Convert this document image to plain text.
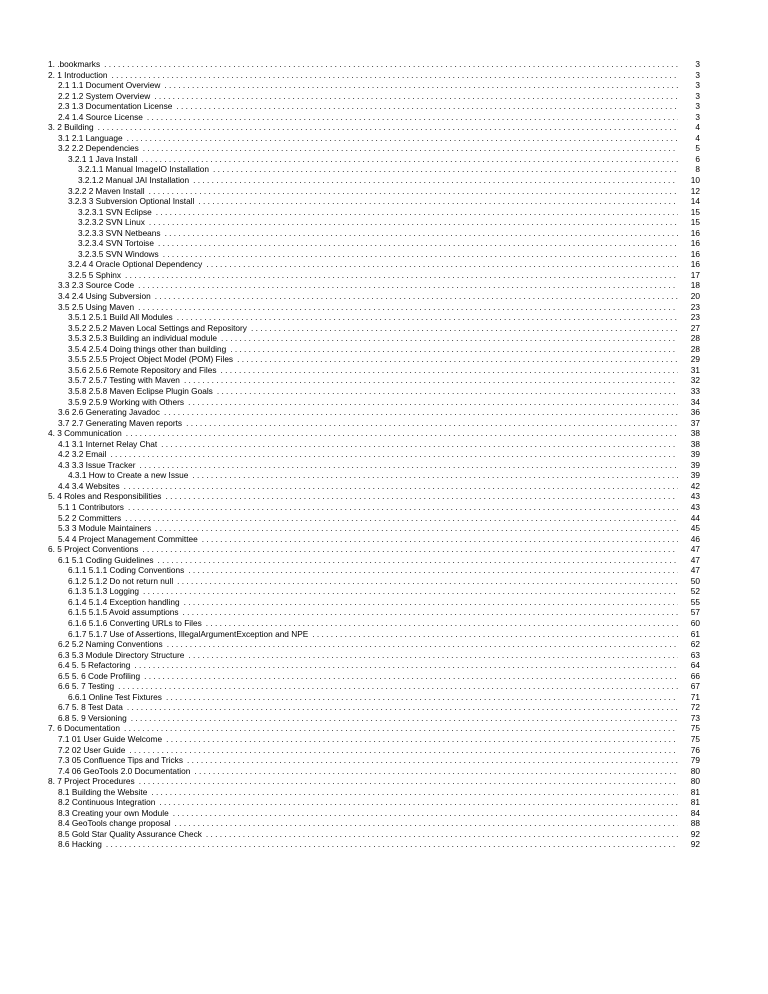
1. .bookmarks . . .	3
2. 1 Introduction . . .	3
2.1 1.1 Document Overview . . .	3
2.2 1.2 System Overview . . .	3
2.3 1.3 Documentation License . . .	3
2.4 1.4 Source License . . .	3
3. 2 Building . . .	4
3.1 2.1 Language . . .	4
3.2 2.2 Dependencies . . .	5
3.2.1 1 Java Install . . .	6
3.2.1.1 Manual ImageIO Installation . . .	8
3.2.1.2 Manual JAI Installation . . .	10
3.2.2 2 Maven Install . . .	12
3.2.3 3 Subversion Optional Install . . .	14
3.2.3.1 SVN Eclipse . . .	15
3.2.3.2 SVN Linux . . .	15
3.2.3.3 SVN Netbeans . . .	16
3.2.3.4 SVN Tortoise . . .	16
3.2.3.5 SVN Windows . . .	16
3.2.4 4 Oracle Optional Dependency . . .	16
3.2.5 5 Sphinx . . .	17
3.3 2.3 Source Code . . .	18
3.4 2.4 Using Subversion . . .	20
3.5 2.5 Using Maven . . .	23
3.5.1 2.5.1 Build All Modules . . .	23
3.5.2 2.5.2 Maven Local Settings and Repository . . .	27
3.5.3 2.5.3 Building an individual module . . .	28
3.5.4 2.5.4 Doing things other than building . . .	28
3.5.5 2.5.5 Project Object Model (POM) Files . . .	29
3.5.6 2.5.6 Remote Repository and Files . . .	31
3.5.7 2.5.7 Testing with Maven . . .	32
3.5.8 2.5.8 Maven Eclipse Plugin Goals . . .	33
3.5.9 2.5.9 Working with Others . . .	34
3.6 2.6 Generating Javadoc . . .	36
3.7 2.7 Generating Maven reports . . .	37
4. 3 Communication . . .	38
4.1 3.1 Internet Relay Chat . . .	38
4.2 3.2 Email . . .	39
4.3 3.3 Issue Tracker . . .	39
4.3.1 How to Create a new Issue . . .	39
4.4 3.4 Websites . . .	42
5. 4 Roles and Responsibilities . . .	43
5.1 1 Contributors . . .	43
5.2 2 Committers . . .	44
5.3 3 Module Maintainers . . .	45
5.4 4 Project Management Committee . . .	46
6. 5 Project Conventions . . .	47
6.1 5.1 Coding Guidelines . . .	47
6.1.1 5.1.1 Coding Conventions . . .	47
6.1.2 5.1.2 Do not return null . . .	50
6.1.3 5.1.3 Logging . . .	52
6.1.4 5.1.4 Exception handling . . .	55
6.1.5 5.1.5 Avoid assumptions . . .	57
6.1.6 5.1.6 Converting URLs to Files . . .	60
6.1.7 5.1.7 Use of Assertions, IllegalArgumentException and NPE . . .	61
6.2 5.2 Naming Conventions . . .	62
6.3 5.3 Module Directory Structure . . .	63
6.4 5. 5 Refactoring . . .	64
6.5 5. 6 Code Profiling . . .	66
6.6 5. 7 Testing . . .	67
6.6.1 Online Test Fixtures . . .	71
6.7 5. 8 Test Data . . .	72
6.8 5. 9 Versioning . . .	73
7. 6 Documentation . . .	75
7.1 01 User Guide Welcome . . .	75
7.2 02 User Guide . . .	76
7.3 05 Confluence Tips and Tricks . . .	79
7.4 06 GeoTools 2.0 Documentation . . .	80
8. 7 Project Procedures . . .	80
8.1 Building the Website . . .	81
8.2 Continuous Integration . . .	81
8.3 Creating your own Module . . .	84
8.4 GeoTools change proposal . . .	88
8.5 Gold Star Quality Assurance Check . . .	92
8.6 Hacking . . .	92
